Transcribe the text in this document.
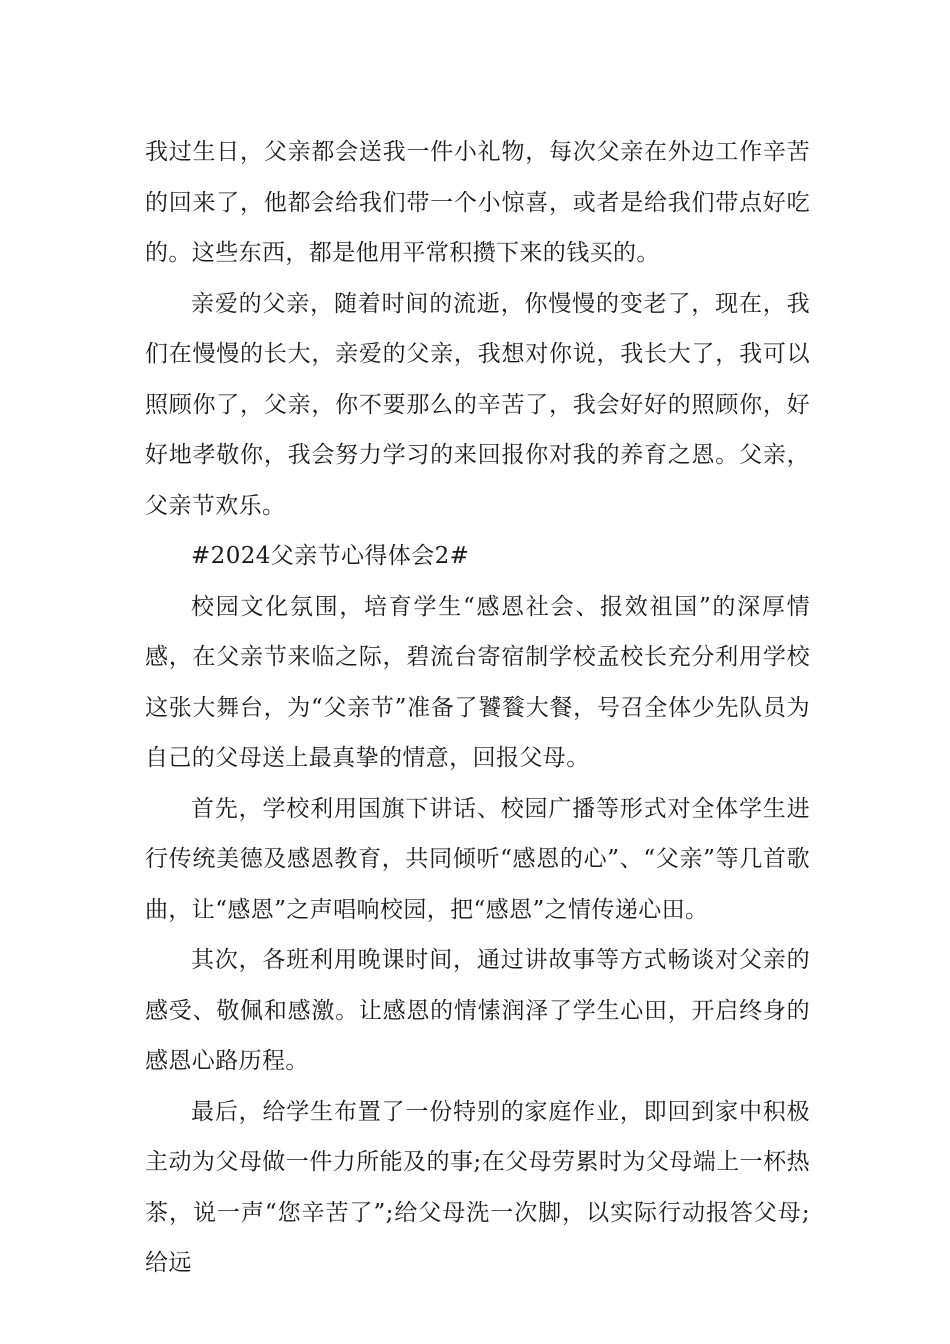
我过生日，父亲都会送我一件小礼物，每次父亲在外边工作辛苦的回来了，他都会给我们带一个小惊喜，或者是给我们带点好吃的。这些东西，都是他用平常积攒下来的钱买的。

亲爱的父亲，随着时间的流逝，你慢慢的变老了，现在，我们在慢慢的长大，亲爱的父亲，我想对你说，我长大了，我可以照顾你了，父亲，你不要那么的辛苦了，我会好好的照顾你，好好地孝敬你，我会努力学习的来回报你对我的养育之恩。父亲，父亲节欢乐。

#2024父亲节心得体会2#

校园文化氛围，培育学生“感恩社会、报效祖国”的深厚情感，在父亲节来临之际，碧流台寄宿制学校孟校长充分利用学校这张大舞台，为“父亲节”准备了饕餮大餐，号召全体少先队员为自己的父母送上最真挚的情意，回报父母。

首先，学校利用国旗下讲话、校园广播等形式对全体学生进行传统美德及感恩教育，共同倾听“感恩的心”、“父亲”等几首歌曲，让“感恩”之声唱响校园，把“感恩”之情传递心田。

其次，各班利用晚课时间，通过讲故事等方式畅谈对父亲的感受、敬佩和感激。让感恩的情愫润泽了学生心田，开启终身的感恩心路历程。

最后，给学生布置了一份特别的家庭作业，即回到家中积极主动为父母做一件力所能及的事;在父母劳累时为父母端上一杯热茶，说一声“您辛苦了”;给父母洗一次脚，以实际行动报答父母;给远
